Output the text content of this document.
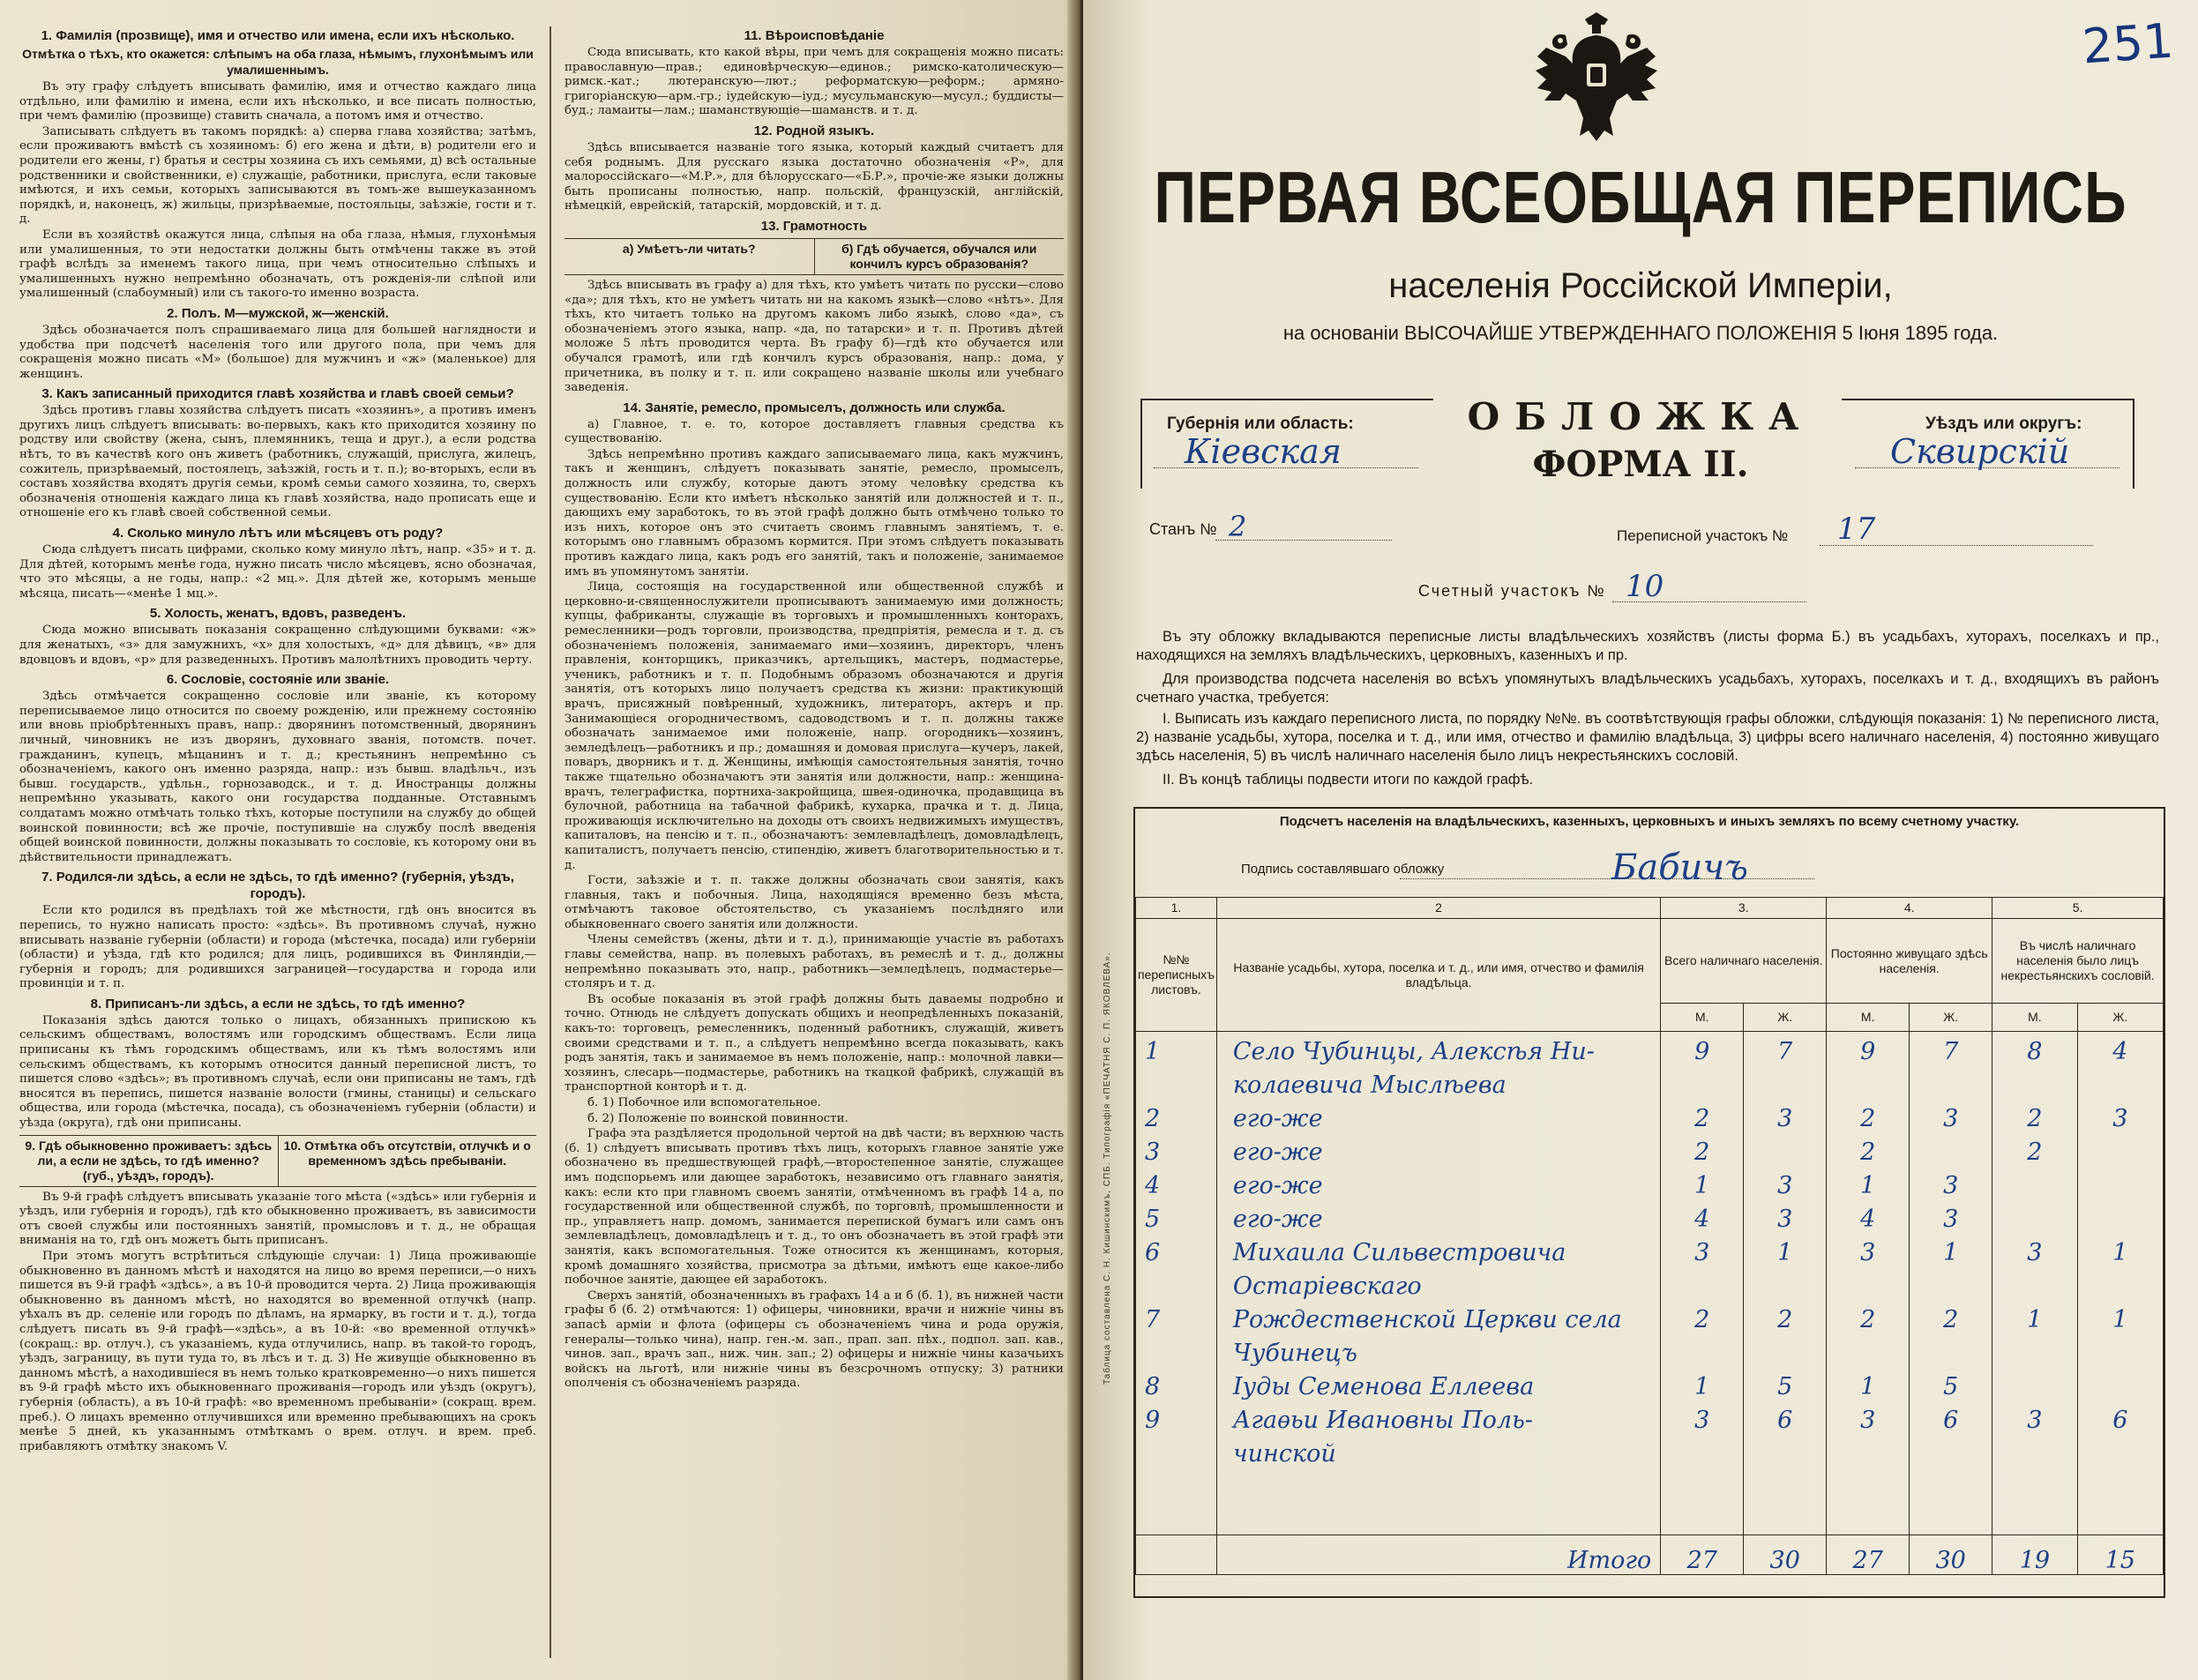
1. Фамилія (прозвище), имя и отчество или имена, если ихъ нѣсколько.
Отмѣтка о тѣхъ, кто окажется: слѣпымъ на оба глаза, нѣмымъ, глухонѣмымъ или умалишеннымъ.
Въ эту графу слѣдуетъ вписывать фамилію, имя и отчество каждаго лица отдѣльно, или фамилію и имена, если ихъ нѣсколько, и все писать полностью, при чемъ фамилію (прозвище) ставить сначала, а потомъ имя и отчество.
Записывать слѣдуетъ въ такомъ порядкѣ: а) сперва глава хозяйства; затѣмъ, если проживаютъ вмѣстѣ съ хозяиномъ: б) его жена и дѣти, в) родители его и родители его жены, г) братья и сестры хозяина съ ихъ семьями, д) всѣ остальные родственники и свойственники, е) служащіе, работники, прислуга, если таковые имѣются, и ихъ семьи, которыхъ записываются въ томъ-же вышеуказанномъ порядкѣ, и, наконецъ, ж) жильцы, призрѣваемые, постояльцы, заѣзжіе, гости и т. д.
Если въ хозяйствѣ окажутся лица, слѣпыя на оба глаза, нѣмыя, глухонѣмыя или умалишенныя, то эти недостатки должны быть отмѣчены также въ этой графѣ вслѣдъ за именемъ такого лица, при чемъ относительно слѣпыхъ и умалишенныхъ нужно непремѣнно обозначать, отъ рожденія-ли слѣпой или умалишенный (слабоумный) или съ такого-то именно возраста.
2. Полъ. М—мужской, ж—женскій.
Здѣсь обозначается полъ спрашиваемаго лица для большей наглядности и удобства при подсчетѣ населенія того или другого пола, при чемъ для сокращенія можно писать «М» (большое) для мужчинъ и «ж» (маленькое) для женщинъ.
3. Какъ записанный приходится главѣ хозяйства и главѣ своей семьи?
Здѣсь противъ главы хозяйства слѣдуетъ писать «хозяинъ», а противъ именъ другихъ лицъ слѣдуетъ вписывать: во-первыхъ, какъ кто приходится хозяину по родству или свойству (жена, сынъ, племянникъ, теща и друг.), а если родства нѣтъ, то въ качествѣ кого онъ живетъ (работникъ, служащій, прислуга, жилецъ, сожитель, призрѣваемый, постоялецъ, заѣзжій, гость и т. п.); во-вторыхъ, если въ составъ хозяйства входятъ другія семьи, кромѣ семьи самого хозяина, то, сверхъ обозначенія отношенія каждаго лица къ главѣ хозяйства, надо прописать еще и отношеніе его къ главѣ своей собственной семьи.
4. Сколько минуло лѣтъ или мѣсяцевъ отъ роду?
Сюда слѣдуетъ писать цифрами, сколько кому минуло лѣтъ, напр. «35» и т. д. Для дѣтей, которымъ менѣе года, нужно писать число мѣсяцевъ, ясно обозначая, что это мѣсяцы, а не годы, напр.: «2 мц.». Для дѣтей же, которымъ меньше мѣсяца, писать—«менѣе 1 мц.».
5. Холость, женатъ, вдовъ, разведенъ.
Сюда можно вписывать показанія сокращенно слѣдующими буквами: «ж» для женатыхъ, «з» для замужнихъ, «х» для холостыхъ, «д» для дѣвицъ, «в» для вдовцовъ и вдовъ, «р» для разведенныхъ. Противъ малолѣтнихъ проводить черту.
6. Сословіе, состояніе или званіе.
Здѣсь отмѣчается сокращенно сословіе или званіе, къ которому переписываемое лицо относится по своему рожденію, или прежнему состоянію или вновь пріобрѣтенныхъ правъ, напр.: дворянинъ потомственный, дворянинъ личный, чиновникъ не изъ дворянъ, духовнаго званія, потомств. почет. гражданинъ, купецъ, мѣщанинъ и т. д.; крестьянинъ непремѣнно съ обозначеніемъ, какого онъ именно разряда, напр.: изъ бывш. владѣльч., изъ бывш. государств., удѣльн., горнозаводск., и т. д. Иностранцы должны непремѣнно указывать, какого они государства подданные. Отставнымъ солдатамъ можно отмѣчать только тѣхъ, которые поступили на службу до общей воинской повинности; всѣ же прочіе, поступившіе на службу послѣ введенія общей воинской повинности, должны показывать то сословіе, къ которому они въ дѣйствительности принадлежатъ.
7. Родился-ли здѣсь, а если не здѣсь, то гдѣ именно? (губернія, уѣздъ, городъ).
Если кто родился въ предѣлахъ той же мѣстности, гдѣ онъ вносится въ перепись, то нужно написать просто: «здѣсь». Въ противномъ случаѣ, нужно вписывать названіе губерніи (области) и города (мѣстечка, посада) или губерніи (области) и уѣзда, гдѣ кто родился; для лицъ, родившихся въ Финляндіи,—губернія и городъ; для родившихся заграницей—государства и города или провинціи и т. п.
8. Приписанъ-ли здѣсь, а если не здѣсь, то гдѣ именно?
Показанія здѣсь даются только о лицахъ, обязанныхъ припискою къ сельскимъ обществамъ, волостямъ или городскимъ обществамъ. Если лица приписаны къ тѣмъ городскимъ обществамъ, или къ тѣмъ волостямъ или сельскимъ обществамъ, къ которымъ относится данный переписной листъ, то пишется слово «здѣсь»; въ противномъ случаѣ, если они приписаны не тамъ, гдѣ вносятся въ перепись, пишется названіе волости (гмины, станицы) и сельскаго общества, или города (мѣстечка, посада), съ обозначеніемъ губерніи (области) и уѣзда (округа), гдѣ они приписаны.
9. Гдѣ обыкновенно проживаетъ: здѣсь ли, а если не здѣсь, то гдѣ именно? (губ., уѣздъ, городъ).
10. Отмѣтка объ отсутствіи, отлучкѣ и о временномъ здѣсь пребываніи.
Въ 9-й графѣ слѣдуетъ вписывать указаніе того мѣста («здѣсь» или губернія и уѣздъ, или губернія и городъ), гдѣ кто обыкновенно проживаетъ, въ зависимости отъ своей службы или постоянныхъ занятій, промысловъ и т. д., не обращая вниманія на то, гдѣ онъ можетъ быть приписанъ.
При этомъ могутъ встрѣтиться слѣдующіе случаи: 1) Лица проживающіе обыкновенно въ данномъ мѣстѣ и находятся на лицо во время переписи,—о нихъ пишется въ 9-й графѣ «здѣсь», а въ 10-й проводится черта. 2) Лица проживающія обыкновенно въ данномъ мѣстѣ, но находятся во временной отлучкѣ (напр. уѣхалъ въ др. селеніе или городъ по дѣламъ, на ярмарку, въ гости и т. д.), тогда слѣдуетъ писать въ 9-й графѣ—«здѣсь», а въ 10-й: «во временной отлучкѣ» (сокращ.: вр. отлуч.), съ указаніемъ, куда отлучились, напр. въ такой-то городъ, уѣздъ, заграницу, въ пути туда то, въ лѣсъ и т. д. 3) Не живущіе обыкновенно въ данномъ мѣстѣ, а находившіеся въ немъ только кратковременно—о нихъ пишется въ 9-й графѣ мѣсто ихъ обыкновеннаго проживанія—городъ или уѣздъ (округъ), губернія (область), а въ 10-й графѣ: «во временномъ пребываніи» (сокращ. врем. преб.). О лицахъ временно отлучившихся или временно пребывающихъ на срокъ менѣе 5 дней, къ указаннымъ отмѣткамъ о врем. отлуч. и врем. преб. прибавляютъ отмѣтку знакомъ V.
11. Вѣроисповѣданіе
Сюда вписывать, кто какой вѣры, при чемъ для сокращенія можно писать: православную—прав.; единовѣрческую—единов.; римско-католическую—римск.-кат.; лютеранскую—лют.; реформатскую—реформ.; армяно-григоріанскую—арм.-гр.; іудейскую—іуд.; мусульманскую—мусул.; буддисты—буд.; ламаиты—лам.; шаманствующіе—шаманств. и т. д.
12. Родной языкъ.
Здѣсь вписывается названіе того языка, который каждый считаетъ для себя роднымъ. Для русскаго языка достаточно обозначенія «Р», для малороссійскаго—«М.Р.», для бѣлорусскаго—«Б.Р.», прочіе-же языки должны быть прописаны полностью, напр. польскій, французскій, англійскій, нѣмецкій, еврейскій, татарскій, мордовскій, и т. д.
13. Грамотность
а) Умѣетъ-ли читать?	б) Гдѣ обучается, обучался или кончилъ курсъ образованія?
Здѣсь вписывать въ графу а) для тѣхъ, кто умѣетъ читать по русски—слово «да»; для тѣхъ, кто не умѣетъ читать ни на какомъ языкѣ—слово «нѣтъ». Для тѣхъ, кто читаетъ только на другомъ какомъ либо языкѣ, слово «да», съ обозначеніемъ этого языка, напр. «да, по татарски» и т. п. Противъ дѣтей моложе 5 лѣтъ проводится черта. Въ графу б)—гдѣ кто обучается или обучался грамотѣ, или гдѣ кончилъ курсъ образованія, напр.: дома, у причетника, въ полку и т. п. или сокращено названіе школы или учебнаго заведенія.
14. Занятіе, ремесло, промыселъ, должность или служба.
а) Главное, т. е. то, которое доставляетъ главныя средства къ существованію.
Здѣсь непремѣнно противъ каждаго записываемаго лица, какъ мужчинъ, такъ и женщинъ, слѣдуетъ показывать занятіе, ремесло, промыселъ, должность или службу, которые даютъ этому человѣку средства къ существованію. Если кто имѣетъ нѣсколько занятій или должностей и т. п., дающихъ ему заработокъ, то въ этой графѣ должно быть отмѣчено только то изъ нихъ, которое онъ это считаетъ своимъ главнымъ занятіемъ, т. е. которымъ оно главнымъ образомъ кормится. При этомъ слѣдуетъ показывать противъ каждаго лица, какъ родъ его занятій, такъ и положеніе, занимаемое имъ въ упомянутомъ занятіи.
Лица, состоящія на государственной или общественной службѣ и церковно-и-священнослужители прописываютъ занимаемую ими должность; купцы, фабриканты, служащіе въ торговыхъ и промышленныхъ конторахъ, ремесленники—родъ торговли, производства, предпріятія, ремесла и т. д. съ обозначеніемъ положенія, занимаемаго ими—хозяинъ, директоръ, членъ правленія, конторщикъ, приказчикъ, артельщикъ, мастеръ, подмастерье, ученикъ, работникъ и т. п. Подобнымъ образомъ обозначаются и другія занятія, отъ которыхъ лицо получаетъ средства къ жизни: практикующій врачъ, присяжный повѣренный, художникъ, литераторъ, актеръ и пр. Занимающіеся огородничествомъ, садоводствомъ и т. п. должны также обозначать занимаемое ими положеніе, напр. огородникъ—хозяинъ, земледѣлецъ—работникъ и пр.; домашняя и домовая прислуга—кучеръ, лакей, поваръ, дворникъ и т. д. Женщины, имѣющія самостоятельныя занятія, точно также тщательно обозначаютъ эти занятія или должности, напр.: женщина-врачъ, телеграфистка, портниха-закройщица, швея-одиночка, продавщица въ булочной, работница на табачной фабрикѣ, кухарка, прачка и т. д. Лица, проживающія исключительно на доходы отъ своихъ недвижимыхъ имуществъ, капиталовъ, на пенсію и т. п., обозначаютъ: землевладѣлецъ, домовладѣлецъ, капиталистъ, получаетъ пенсію, стипендію, живетъ благотворительностью и т. д.
Гости, заѣзжіе и т. п. также должны обозначать свои занятія, какъ главныя, такъ и побочныя. Лица, находящіяся временно безъ мѣста, отмѣчаютъ таковое обстоятельство, съ указаніемъ послѣдняго или обыкновеннаго своего занятія или должности.
Члены семействъ (жены, дѣти и т. д.), принимающіе участіе въ работахъ главы семейства, напр. въ полевыхъ работахъ, въ ремеслѣ и т. д., должны непремѣнно показывать это, напр., работникъ—земледѣлецъ, подмастерье—столяръ и т. д.
Въ особые показанія въ этой графѣ должны быть даваемы подробно и точно. Отнюдь не слѣдуетъ допускать общихъ и неопредѣленныхъ показаній, какъ-то: торговецъ, ремесленникъ, поденный работникъ, служащій, живетъ своими средствами и т. п., а слѣдуетъ непремѣнно всегда показывать, какъ родъ занятія, такъ и занимаемое въ немъ положеніе, напр.: молочной лавки—хозяинъ, слесарь—подмастерье, работникъ на ткацкой фабрикѣ, служащій въ транспортной конторѣ и т. д.
б. 1) Побочное или вспомогательное.
б. 2) Положеніе по воинской повинности.
Графа эта раздѣляется продольной чертой на двѣ части; въ верхнюю часть (б. 1) слѣдуетъ вписывать противъ тѣхъ лицъ, которыхъ главное занятіе уже обозначено въ предшествующей графѣ,—второстепенное занятіе, служащее имъ подспорьемъ или дающее заработокъ, независимо отъ главнаго занятія, какъ: если кто при главномъ своемъ занятіи, отмѣченномъ въ графѣ 14 а, по государственной или общественной службѣ, по торговлѣ, промышленности и пр., управляетъ напр. домомъ, занимается перепиской бумагъ или самъ онъ землевладѣлецъ, домовладѣлецъ и т. д., то онъ обозначаетъ въ этой графѣ эти занятія, какъ вспомогательныя. Тоже относится къ женщинамъ, которыя, кромѣ домашняго хозяйства, присмотра за дѣтьми, имѣютъ еще какое-либо побочное занятіе, дающее ей заработокъ.
Сверхъ занятій, обозначенныхъ въ графахъ 14 а и б (б. 1), въ нижней части графы б (б. 2) отмѣчаются: 1) офицеры, чиновники, врачи и нижніе чины въ запасѣ армiи и флота (офицеры съ обозначеніемъ чина и рода оружія, генералы—только чина), напр. ген.-м. зап., прап. зап. пѣх., подпол. зап. кав., чинов. зап., врачъ зап., ниж. чин. зап.; 2) офицеры и нижніе чины казачьихъ войскъ на льготѣ, или нижніе чины въ безсрочномъ отпуску; 3) ратники ополченія съ обозначеніемъ разряда.
251
ПЕРВАЯ ВСЕОБЩАЯ ПЕРЕПИСЬ
населенія Россійской Имперіи,
на основаніи ВЫСОЧАЙШЕ УТВЕРЖДЕННАГО ПОЛОЖЕНІЯ 5 Іюня 1895 года.
ОБЛОЖКА
ФОРМА II.
Губернія или область:
Кіевская
Уѣздъ или округъ:
Сквирскій
Станъ № 2	Переписной участокъ № 17
Счетный участокъ № 10
Въ эту обложку вкладываются переписные листы владѣльческихъ хозяйствъ (листы форма Б.) въ усадьбахъ, хуторахъ, поселкахъ и пр., находящихся на земляхъ владѣльческихъ, церковныхъ, казенныхъ и пр.
Для производства подсчета населенія во всѣхъ упомянутыхъ владѣльческихъ усадьбахъ, хуторахъ, поселкахъ и т. д., входящихъ въ районъ счетнаго участка, требуется:
I. Выписать изъ каждаго переписного листа, по порядку №№. въ соотвѣтствующія графы обложки, слѣдующія показанія: 1) № переписного листа, 2) названіе усадьбы, хутора, поселка и т. д., или имя, отчество и фамилію владѣльца, 3) цифры всего наличнаго населенія, 4) постоянно живущаго здѣсь населенія, 5) въ числѣ наличнаго населенія было лицъ некрестьянскихъ сословій.
II. Въ концѣ таблицы подвести итоги по каждой графѣ.
Подсчетъ населенія на владѣльческихъ, казенныхъ, церковныхъ и иныхъ земляхъ по всему счетному участку.
Подпись составлявшаго обложку	Бабичъ
1.	2	3.		4.		5.	
№№ переписныхъ листовъ.	Названіе усадьбы, хутора, поселка и т. д., или имя, отчество и фамилія владѣльца.	Всего наличнаго населенія.		Постоянно живущаго здѣсь населенія.		Въ числѣ наличнаго населенія было лицъ некрестьянскихъ сословій.	
		М.	Ж.	М.	Ж.	М.	Ж.
1	Село Чубинцы, Алексѣя Ни-	9	7	9	7	8	4
	колаевича Мыслѣева						
2	его-же	2	3	2	3	2	3
3	его-же	2		2		2	
4	его-же	1	3	1	3		
5	его-же	4	3	4	3		
6	Михаила Сильвестровича	3	1	3	1	3	1
	Остаріевскаго						
7	Рождественской Церкви села	2	2	2	2	1	1
	Чубинецъ						
8	Іуды Семенова Еллеева	1	5	1	5		
9	Агаѳьи Ивановны Поль-	3	6	3	6	3	6
	чинской						

	Итого	27	30	27	30	19	15
Таблица составлена С. Н. Кишинскимъ, СПБ. Типографія «ПЕЧАТНЯ С. П. ЯКОВЛЕВА».
